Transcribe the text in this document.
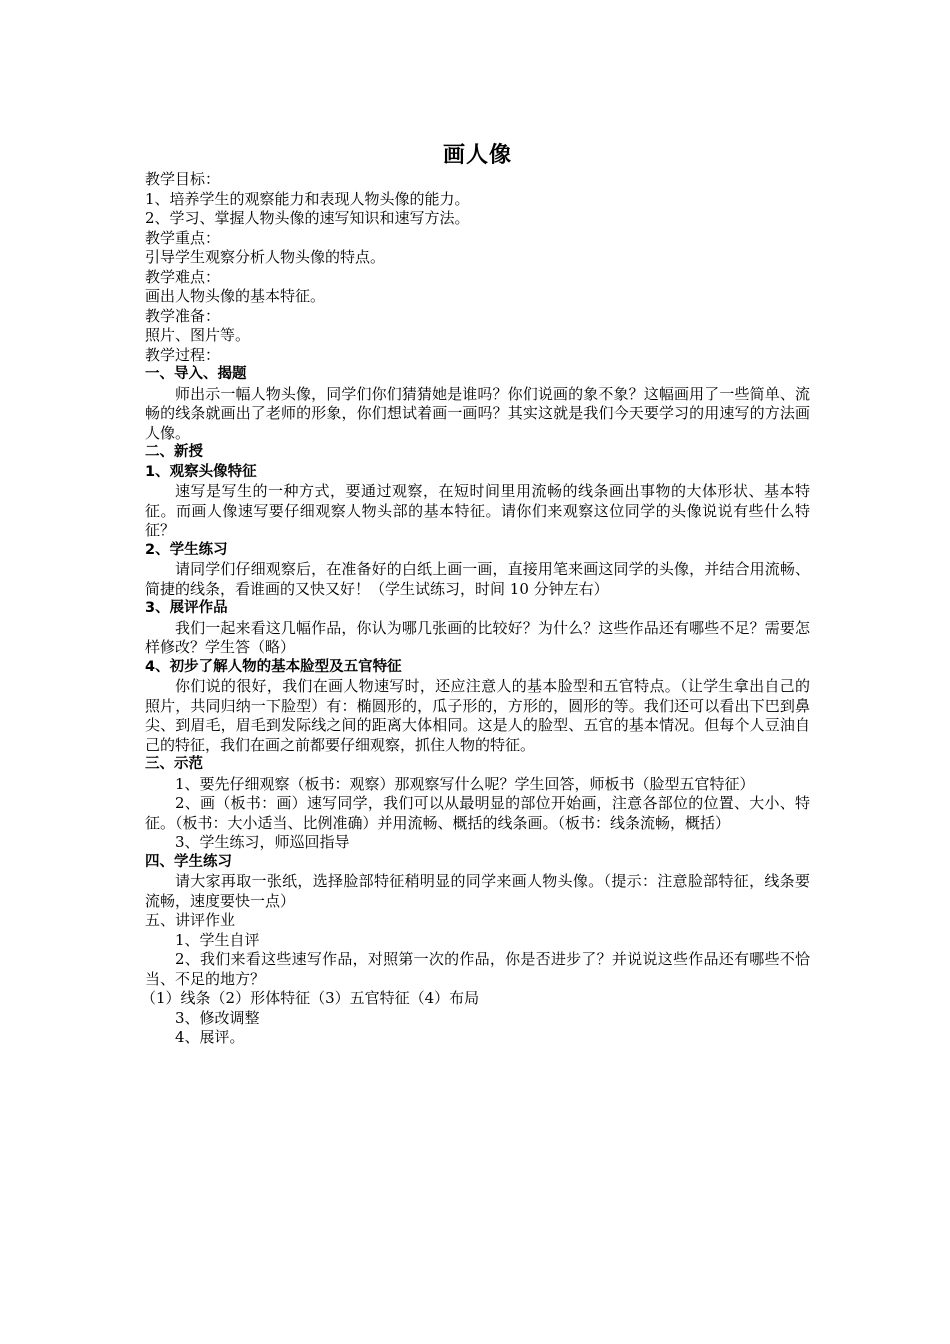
画人像

教学目标：

1、培养学生的观察能力和表现人物头像的能力。

2、学习、掌握人物头像的速写知识和速写方法。

教学重点：

引导学生观察分析人物头像的特点。

教学难点：

画出人物头像的基本特征。

教学准备：

照片、图片等。

教学过程：

一、导入、揭题

师出示一幅人物头像，同学们你们猜猜她是谁吗？你们说画的象不象？这幅画用了一些简单、流畅的线条就画出了老师的形象，你们想试着画一画吗？其实这就是我们今天要学习的用速写的方法画人像。

二、新授

1、观察头像特征

速写是写生的一种方式，要通过观察，在短时间里用流畅的线条画出事物的大体形状、基本特征。而画人像速写要仔细观察人物头部的基本特征。请你们来观察这位同学的头像说说有些什么特征？

2、学生练习

请同学们仔细观察后，在准备好的白纸上画一画，直接用笔来画这同学的头像，并结合用流畅、简捷的线条，看谁画的又快又好！（学生试练习，时间 10 分钟左右）

3、展评作品

我们一起来看这几幅作品，你认为哪几张画的比较好？为什么？这些作品还有哪些不足？需要怎样修改？学生答（略）

4、初步了解人物的基本脸型及五官特征

你们说的很好，我们在画人物速写时，还应注意人的基本脸型和五官特点。（让学生拿出自己的照片，共同归纳一下脸型）有：椭圆形的，瓜子形的，方形的，圆形的等。我们还可以看出下巴到鼻尖、到眉毛，眉毛到发际线之间的距离大体相同。这是人的脸型、五官的基本情况。但每个人豆油自己的特征，我们在画之前都要仔细观察，抓住人物的特征。

三、示范

1、要先仔细观察（板书：观察）那观察写什么呢？学生回答，师板书（脸型五官特征）

2、画（板书：画）速写同学，我们可以从最明显的部位开始画，注意各部位的位置、大小、特征。（板书：大小适当、比例准确）并用流畅、概括的线条画。（板书：线条流畅，概括）

3、学生练习，师巡回指导

四、学生练习

请大家再取一张纸，选择脸部特征稍明显的同学来画人物头像。（提示：注意脸部特征，线条要流畅，速度要快一点）

五、讲评作业

1、学生自评

2、我们来看这些速写作品，对照第一次的作品，你是否进步了？并说说这些作品还有哪些不恰当、不足的地方？

（1）线条（2）形体特征（3）五官特征（4）布局

3、修改调整

4、展评。
